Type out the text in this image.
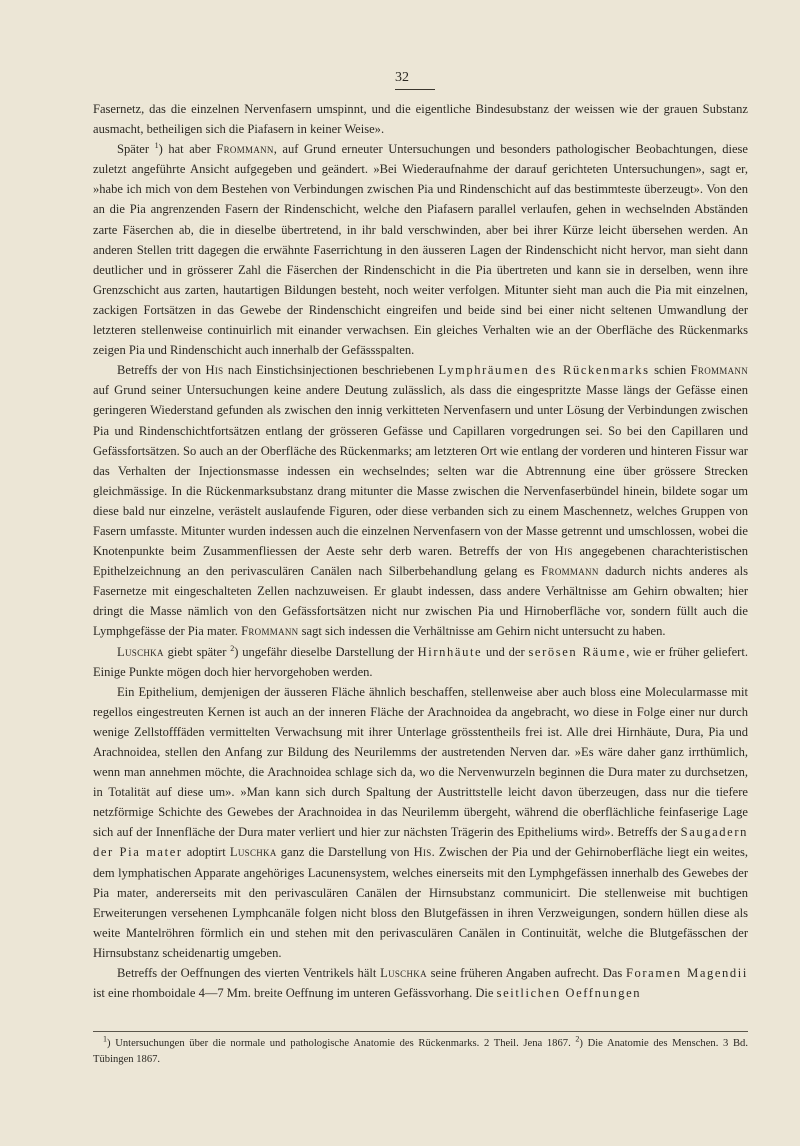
32

Fasernetz, das die einzelnen Nervenfasern umspinnt, und die eigentliche Bindesubstanz der weissen wie der grauen Substanz ausmacht, betheiligen sich die Piafasern in keiner Weise».

Später $^1$) hat aber Frommann, auf Grund erneuter Untersuchungen und besonders pathologischer Beobachtungen, diese zuletzt angeführte Ansicht aufgegeben und geändert. »Bei Wiederaufnahme der darauf gerichteten Untersuchungen», sagt er, »habe ich mich von dem Bestehen von Verbindungen zwischen Pia und Rindenschicht auf das bestimmteste überzeugt». Von den an die Pia angrenzenden Fasern der Rindenschicht, welche den Piafasern parallel verlaufen, gehen in wechselnden Abständen zarte Fäserchen ab, die in dieselbe übertretend, in ihr bald verschwinden, aber bei ihrer Kürze leicht übersehen werden. An anderen Stellen tritt dagegen die erwähnte Faserrichtung in den äusseren Lagen der Rindenschicht nicht hervor, man sieht dann deutlicher und in grösserer Zahl die Fäserchen der Rindenschicht in die Pia übertreten und kann sie in derselben, wenn ihre Grenzschicht aus zarten, hautartigen Bildungen besteht, noch weiter verfolgen. Mitunter sieht man auch die Pia mit einzelnen, zackigen Fortsätzen in das Gewebe der Rindenschicht eingreifen und beide sind bei einer nicht seltenen Umwandlung der letzteren stellenweise continuirlich mit einander verwachsen. Ein gleiches Verhalten wie an der Oberfläche des Rückenmarks zeigen Pia und Rindenschicht auch innerhalb der Gefässspalten.

Betreffs der von His nach Einstichsinjectionen beschriebenen Lymphräumen des Rückenmarks schien Frommann auf Grund seiner Untersuchungen keine andere Deutung zulässlich, als dass die eingespritzte Masse längs der Gefässe einen geringeren Wiederstand gefunden als zwischen den innig verkitteten Nervenfasern und unter Lösung der Verbindungen zwischen Pia und Rindenschichtfortsätzen entlang der grösseren Gefässe und Capillaren vorgedrungen sei. So bei den Capillaren und Gefässfortsätzen. So auch an der Oberfläche des Rückenmarks; am letzteren Ort wie entlang der vorderen und hinteren Fissur war das Verhalten der Injectionsmasse indessen ein wechselndes; selten war die Abtrennung eine über grössere Strecken gleichmässige. In die Rückenmarksubstanz drang mitunter die Masse zwischen die Nervenfaserbündel hinein, bildete sogar um diese bald nur einzelne, verästelt auslaufende Figuren, oder diese verbanden sich zu einem Maschennetz, welches Gruppen von Fasern umfasste. Mitunter wurden indessen auch die einzelnen Nervenfasern von der Masse getrennt und umschlossen, wobei die Knotenpunkte beim Zusammenfliessen der Aeste sehr derb waren. Betreffs der von His angegebenen charachteristischen Epithelzeichnung an den perivasculären Canälen nach Silberbehandlung gelang es Frommann dadurch nichts anderes als Fasernetze mit eingeschalteten Zellen nachzuweisen. Er glaubt indessen, dass andere Verhältnisse am Gehirn obwalten; hier dringt die Masse nämlich von den Gefässfortsätzen nicht nur zwischen Pia und Hirnoberfläche vor, sondern füllt auch die Lymphgefässe der Pia mater. Frommann sagt sich indessen die Verhältnisse am Gehirn nicht untersucht zu haben.

Luschka giebt später $^2$) ungefähr dieselbe Darstellung der Hirnhäute und der serösen Räume, wie er früher geliefert. Einige Punkte mögen doch hier hervorgehoben werden.

Ein Epithelium, demjenigen der äusseren Fläche ähnlich beschaffen, stellenweise aber auch bloss eine Molecularmasse mit regellos eingestreuten Kernen ist auch an der inneren Fläche der Arachnoidea da angebracht, wo diese in Folge einer nur durch wenige Zellstofffäden vermittelten Verwachsung mit ihrer Unterlage grösstentheils frei ist. Alle drei Hirnhäute, Dura, Pia und Arachnoidea, stellen den Anfang zur Bildung des Neurilemms der austretenden Nerven dar. »Es wäre daher ganz irrthümlich, wenn man annehmen möchte, die Arachnoidea schlage sich da, wo die Nervenwurzeln beginnen die Dura mater zu durchsetzen, in Totalität auf diese um». »Man kann sich durch Spaltung der Austrittstelle leicht davon überzeugen, dass nur die tiefere netzförmige Schichte des Gewebes der Arachnoidea in das Neurilemm übergeht, während die oberflächliche feinfaserige Lage sich auf der Innenfläche der Dura mater verliert und hier zur nächsten Trägerin des Epitheliums wird». Betreffs der Saugadern der Pia mater adoptirt Luschka ganz die Darstellung von His. Zwischen der Pia und der Gehirnoberfläche liegt ein weites, dem lymphatischen Apparate angehöriges Lacunensystem, welches einerseits mit den Lymphgefässen innerhalb des Gewebes der Pia mater, andererseits mit den perivasculären Canälen der Hirnsubstanz communicirt. Die stellenweise mit buchtigen Erweiterungen versehenen Lymphcanäle folgen nicht bloss den Blutgefässen in ihren Verzweigungen, sondern hüllen diese als weite Mantelröhren förmlich ein und stehen mit den perivasculären Canälen in Continuität, welche die Blutgefässchen der Hirnsubstanz scheidenartig umgeben.

Betreffs der Oeffnungen des vierten Ventrikels hält Luschka seine früheren Angaben aufrecht. Das Foramen Magendii ist eine rhomboidale 4—7 Mm. breite Oeffnung im unteren Gefässvorhang. Die seitlichen Oeffnungen

$^1$) Untersuchungen über die normale und pathologische Anatomie des Rückenmarks. 2 Theil. Jena 1867. $^2$) Die Anatomie des Menschen. 3 Bd. Tübingen 1867.
